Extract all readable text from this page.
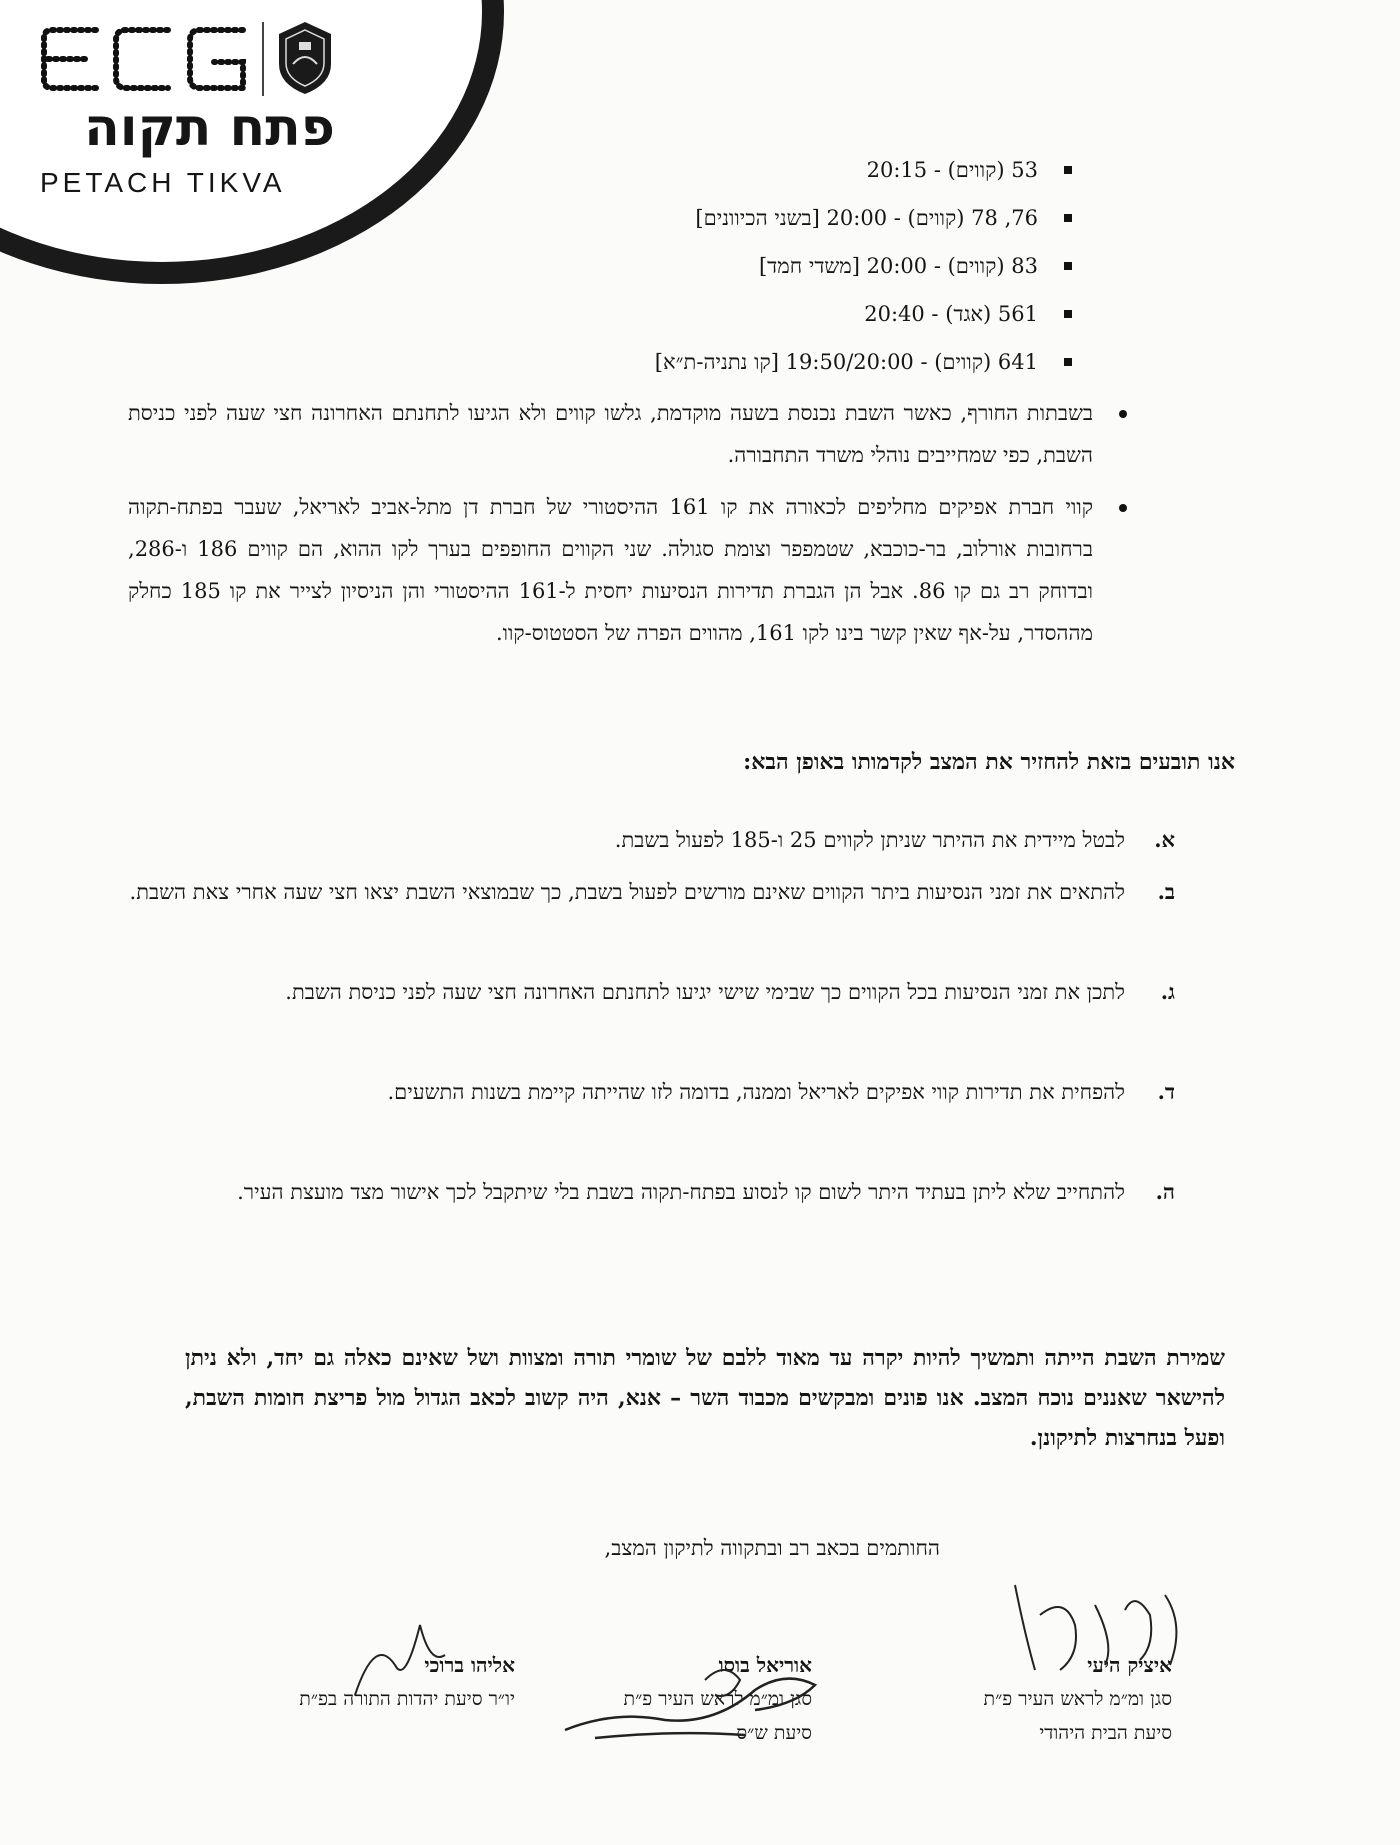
פתח תקוה
PETACH TIKVA	53 (קווים) - 20:15
76, 78 (קווים) - 20:00 [בשני הכיוונים]
83 (קווים) - 20:00 [משדי חמד]
561 (אגד) - 20:40
641 (קווים) - 19:50/20:00 [קו נתניה-ת״א]
בשבתות החורף, כאשר השבת נכנסת בשעה מוקדמת, גלשו קווים ולא הגיעו לתחנתם האחרונה חצי שעה לפני כניסת השבת, כפי שמחייבים נוהלי משרד התחבורה.
קווי חברת אפיקים מחליפים לכאורה את קו 161 ההיסטורי של חברת דן מתל-אביב לאריאל, שעבר בפתח-תקוה ברחובות אורלוב, בר-כוכבא, שטמפפר וצומת סגולה. שני הקווים החופפים בערך לקו ההוא, הם קווים 186 ו-286, ובדוחק רב גם קו 86. אבל הן הגברת תדירות הנסיעות יחסית ל-161 ההיסטורי והן הניסיון לצייר את קו 185 כחלק מההסדר, על-אף שאין קשר בינו לקו 161, מהווים הפרה של הסטטוס-קוו.
אנו תובעים בזאת להחזיר את המצב לקדמותו באופן הבא:
א.
לבטל מיידית את ההיתר שניתן לקווים 25 ו-185 לפעול בשבת.
ב.
להתאים את זמני הנסיעות ביתר הקווים שאינם מורשים לפעול בשבת, כך שבמוצאי השבת יצאו חצי שעה אחרי צאת השבת.
ג.
לתכן את זמני הנסיעות בכל הקווים כך שבימי שישי יגיעו לתחנתם האחרונה חצי שעה לפני כניסת השבת.
ד.
להפחית את תדירות קווי אפיקים לאריאל וממנה, בדומה לזו שהייתה קיימת בשנות התשעים.
ה.
להתחייב שלא ליתן בעתיד היתר לשום קו לנסוע בפתח-תקוה בשבת בלי שיתקבל לכך אישור מצד מועצת העיר.
שמירת השבת הייתה ותמשיך להיות יקרה עד מאוד ללבם של שומרי תורה ומצוות ושל שאינם כאלה גם יחד, ולא ניתן להישאר שאננים נוכח המצב. אנו פונים ומבקשים מכבוד השר – אנא, היה קשוב לכאב הגדול מול פריצת חומות השבת, ופעל בנחרצות לתיקונן.
החותמים בכאב רב ובתקווה לתיקון המצב,
איציק היעי
סגן ומ״מ לראש העיר פ״ת
סיעת הבית היהודי
אוריאל בוסו
סגן ומ״מ לראש העיר פ״ת
סיעת ש״ס
אליהו ברוכי
יו״ר סיעת יהדות התורה בפ״ת
